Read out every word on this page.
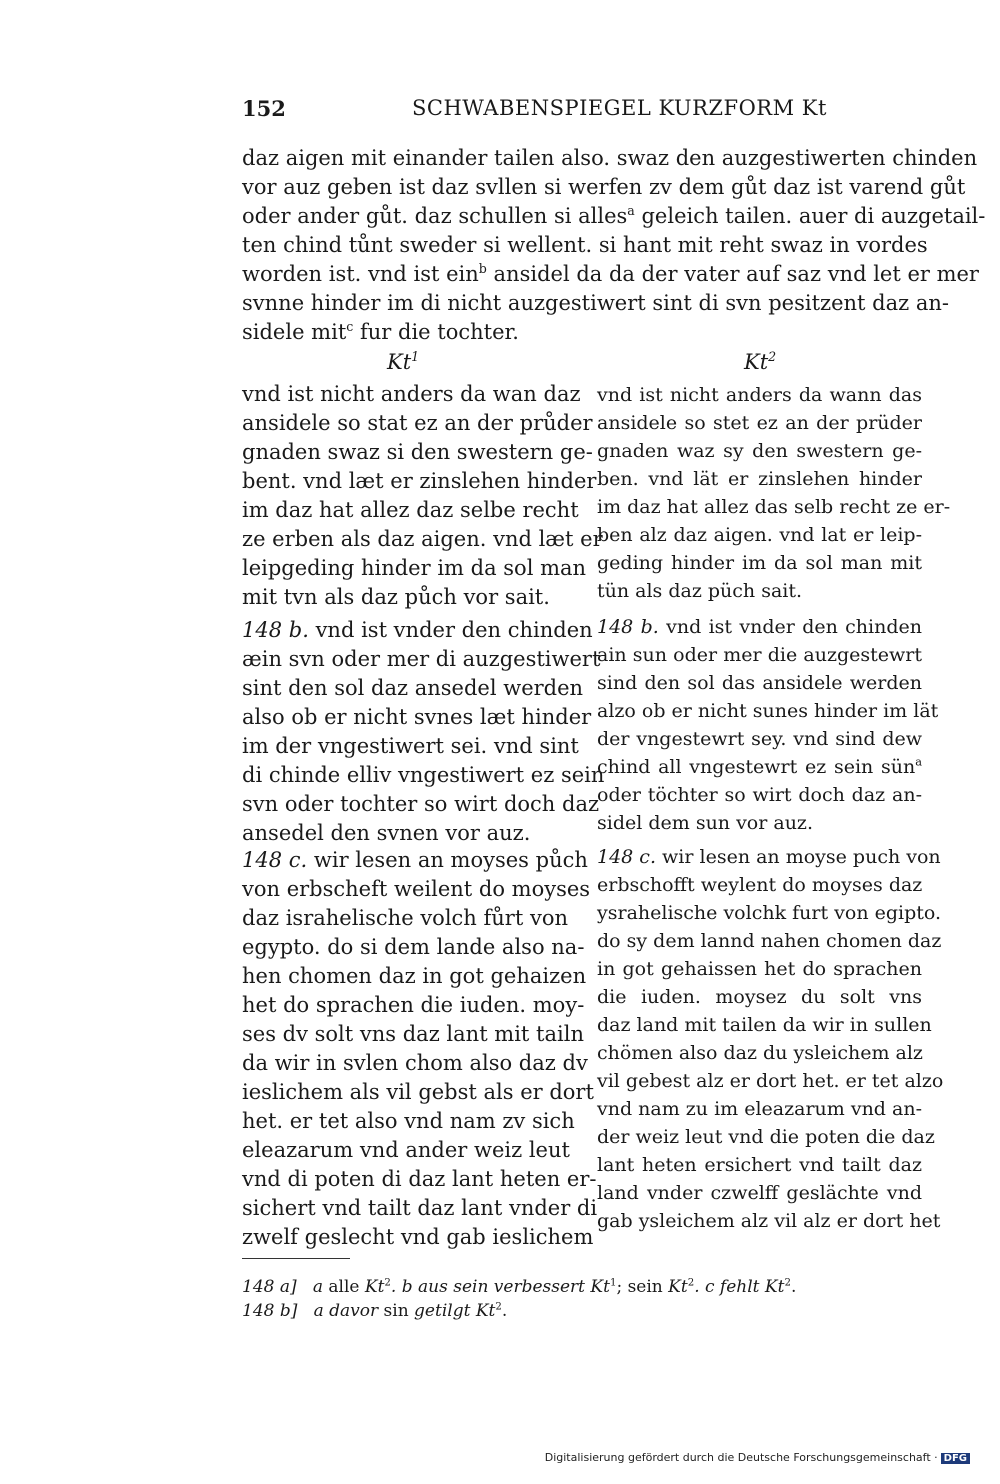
152	SCHWABENSPIEGEL KURZFORM Kt
daz aigen mit einander tailen also. swaz den auzgestiwerten chinden
vor auz geben ist daz svllen si werfen zv dem gůt daz ist varend gůt
oder ander gůt. daz schullen si alles$^a$ geleich tailen. auer di auzgetail-
ten chind tůnt sweder si wellent. si hant mit reht swaz in vordes
worden ist. vnd ist ein$^b$ ansidel da da der vater auf saz vnd let er mer
svnne hinder im di nicht auzgestiwert sint di svn pesitzent daz an-
sidele mit$^c$ fur die tochter.
Kt$^1$	Kt$^2$
vnd ist nicht anders da wan daz
ansidele so stat ez an der průder
gnaden swaz si den swestern ge-
bent. vnd læt er zinslehen hinder
im daz hat allez daz selbe recht
ze erben als daz aigen. vnd læt er
leipgeding hinder im da sol man
mit tvn als daz půch vor sait.
148 b. vnd ist vnder den chinden
æin svn oder mer di auzgestiwert
sint den sol daz ansedel werden
also ob er nicht svnes læt hinder
im der vngestiwert sei. vnd sint
di chinde elliv vngestiwert ez sein
svn oder tochter so wirt doch daz
ansedel den svnen vor auz.
148 c. wir lesen an moyses půch
von erbscheft weilent do moyses
daz israhelische volch fůrt von
egypto. do si dem lande also na-
hen chomen daz in got gehaizen
het do sprachen die iuden. moy-
ses dv solt vns daz lant mit tailn
da wir in svlen chom also daz dv
ieslichem als vil gebst als er dort
het. er tet also vnd nam zv sich
eleazarum vnd ander weiz leut
vnd di poten di daz lant heten er-
sichert vnd tailt daz lant vnder di
zwelf geslecht vnd gab ieslichem
vnd ist nicht anders da wann das
ansidele so stet ez an der prüder
gnaden waz sy den swestern ge-
ben. vnd lät er zinslehen hinder
im daz hat allez das selb recht ze er-
ben alz daz aigen. vnd lat er leip-
geding hinder im da sol man mit
tün als daz püch sait.
148 b. vnd ist vnder den chinden
ain sun oder mer die auzgestewrt
sind den sol das ansidele werden
alzo ob er nicht sunes hinder im lät
der vngestewrt sey. vnd sind dew
chind all vngestewrt ez sein sün$^a$
oder töchter so wirt doch daz an-
sidel dem sun vor auz.
148 c. wir lesen an moyse puch von
erbschofft weylent do moyses daz
ysrahelische volchk furt von egipto.
do sy dem lannd nahen chomen daz
in got gehaissen het do sprachen
die iuden. moysez du solt vns
daz land mit tailen da wir in sullen
chömen also daz du ysleichem alz
vil gebest alz er dort het. er tet alzo
vnd nam zu im eleazarum vnd an-
der weiz leut vnd die poten die daz
lant heten ersichert vnd tailt daz
land vnder czwelff geslächte vnd
gab ysleichem alz vil alz er dort het
148 a] a alle Kt$^2$. b aus sein verbessert Kt$^1$; sein Kt$^2$. c fehlt Kt$^2$.
148 b] a davor sin getilgt Kt$^2$.
Digitalisierung gefördert durch die Deutsche Forschungsgemeinschaft · DFG
